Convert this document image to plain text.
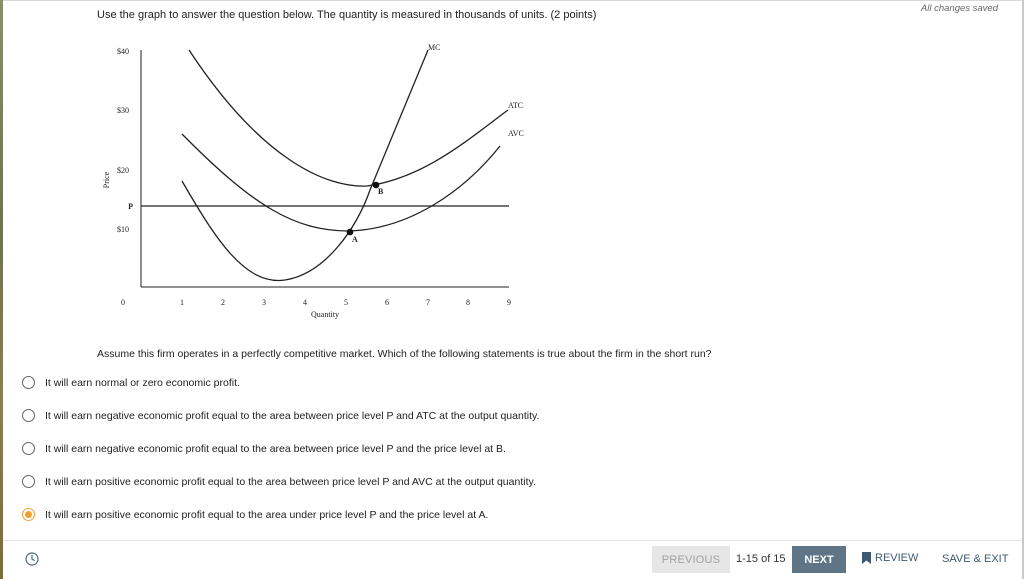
All changes saved
Use the graph to answer the question below. The quantity is measured in thousands of units. (2 points)
A
B
MC
ATC
AVC
$40
$30
$20
P
$10
0	1	2	3	4	5	6	7	8	9
Quantity
Price
Assume this firm operates in a perfectly competitive market. Which of the following statements is true about the firm in the short run?
It will earn normal or zero economic profit.
It will earn negative economic profit equal to the area between price level P and ATC at the output quantity.
It will earn negative economic profit equal to the area between price level P and the price level at B.
It will earn positive economic profit equal to the area between price level P and AVC at the output quantity.
It will earn positive economic profit equal to the area under price level P and the price level at A.
PREVIOUS	1-15 of 15	NEXT	REVIEW SAVE & EXIT
